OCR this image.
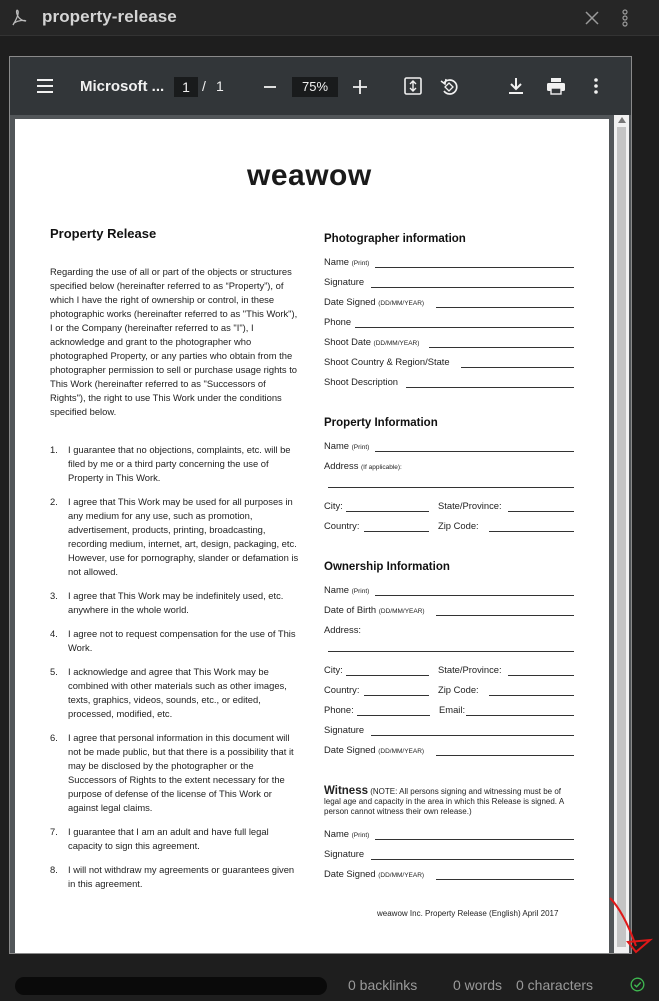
property-release
Microsoft ...	1 / 1	75%
weawow
Property Release

Regarding the use of all or part of the objects or structures specified below (hereinafter referred to as “Property”), of which I have the right of ownership or control, in these photographic works (hereinafter referred to as "This Work"), I or the Company (hereinafter referred to as "I"), I acknowledge and grant to the photographer who photographed Property, or any parties who obtain from the photographer permission to sell or purchase usage rights to This Work (hereinafter referred to as "Successors of Rights"), the right to use This Work under the conditions specified below.

1. I guarantee that no objections, complaints, etc. will be filed by me or a third party concerning the use of Property in This Work.
2. I agree that This Work may be used for all purposes in any medium for any use, such as promotion, advertisement, products, printing, broadcasting, recording medium, internet, art, design, packaging, etc. However, use for pornography, slander or defamation is not allowed.
3. I agree that This Work may be indefinitely used, etc. anywhere in the whole world.
4. I agree not to request compensation for the use of This Work.
5. I acknowledge and agree that This Work may be combined with other materials such as other images, texts, graphics, videos, sounds, etc., or edited, processed, modified, etc.
6. I agree that personal information in this document will not be made public, but that there is a possibility that it may be disclosed by the photographer or the Successors of Rights to the extent necessary for the purpose of defense of the license of This Work or against legal claims.
7. I guarantee that I am an adult and have full legal capacity to sign this agreement.
8. I will not withdraw my agreements or guarantees given in this agreement.
Photographer information
Name (Print)
Signature
Date Signed (DD/MM/YEAR)
Phone
Shoot Date (DD/MM/YEAR)
Shoot Country & Region/State
Shoot Description
Property Information
Name (Print)
Address (If applicable):
City:	State/Province:
Country:	Zip Code:
Ownership Information
Name (Print)
Date of Birth (DD/MM/YEAR)
Address:
City:	State/Province:
Country:	Zip Code:
Phone:	Email:
Signature
Date Signed (DD/MM/YEAR)
Witness (NOTE: All persons signing and witnessing must be of legal age and capacity in the area in which this Release is signed. A person cannot witness their own release.)
Name (Print)
Signature
Date Signed (DD/MM/YEAR)
weawow Inc. Property Release (English) April 2017
0 backlinks	0 words 0 characters
